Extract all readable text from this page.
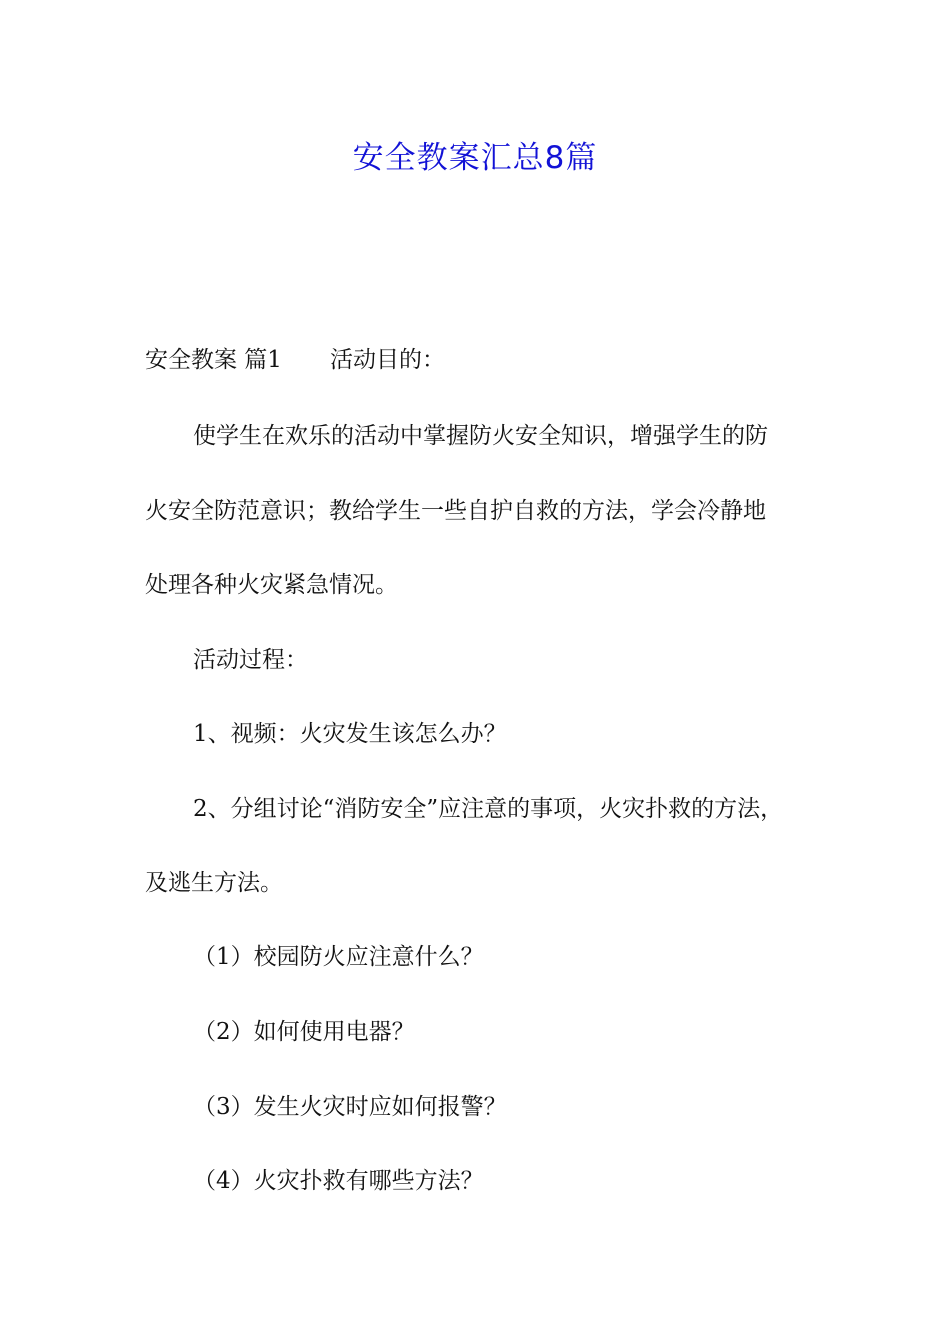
安全教案汇总8篇
安全教案 篇1 活动目的：
使学生在欢乐的活动中掌握防火安全知识，增强学生的防
火安全防范意识；教给学生一些自护自救的方法，学会冷静地
处理各种火灾紧急情况。
活动过程：
1、视频：火灾发生该怎么办？
2、分组讨论“消防安全”应注意的事项，火灾扑救的方法，
及逃生方法。
（1）校园防火应注意什么？
（2）如何使用电器？
（3）发生火灾时应如何报警？
（4）火灾扑救有哪些方法？
